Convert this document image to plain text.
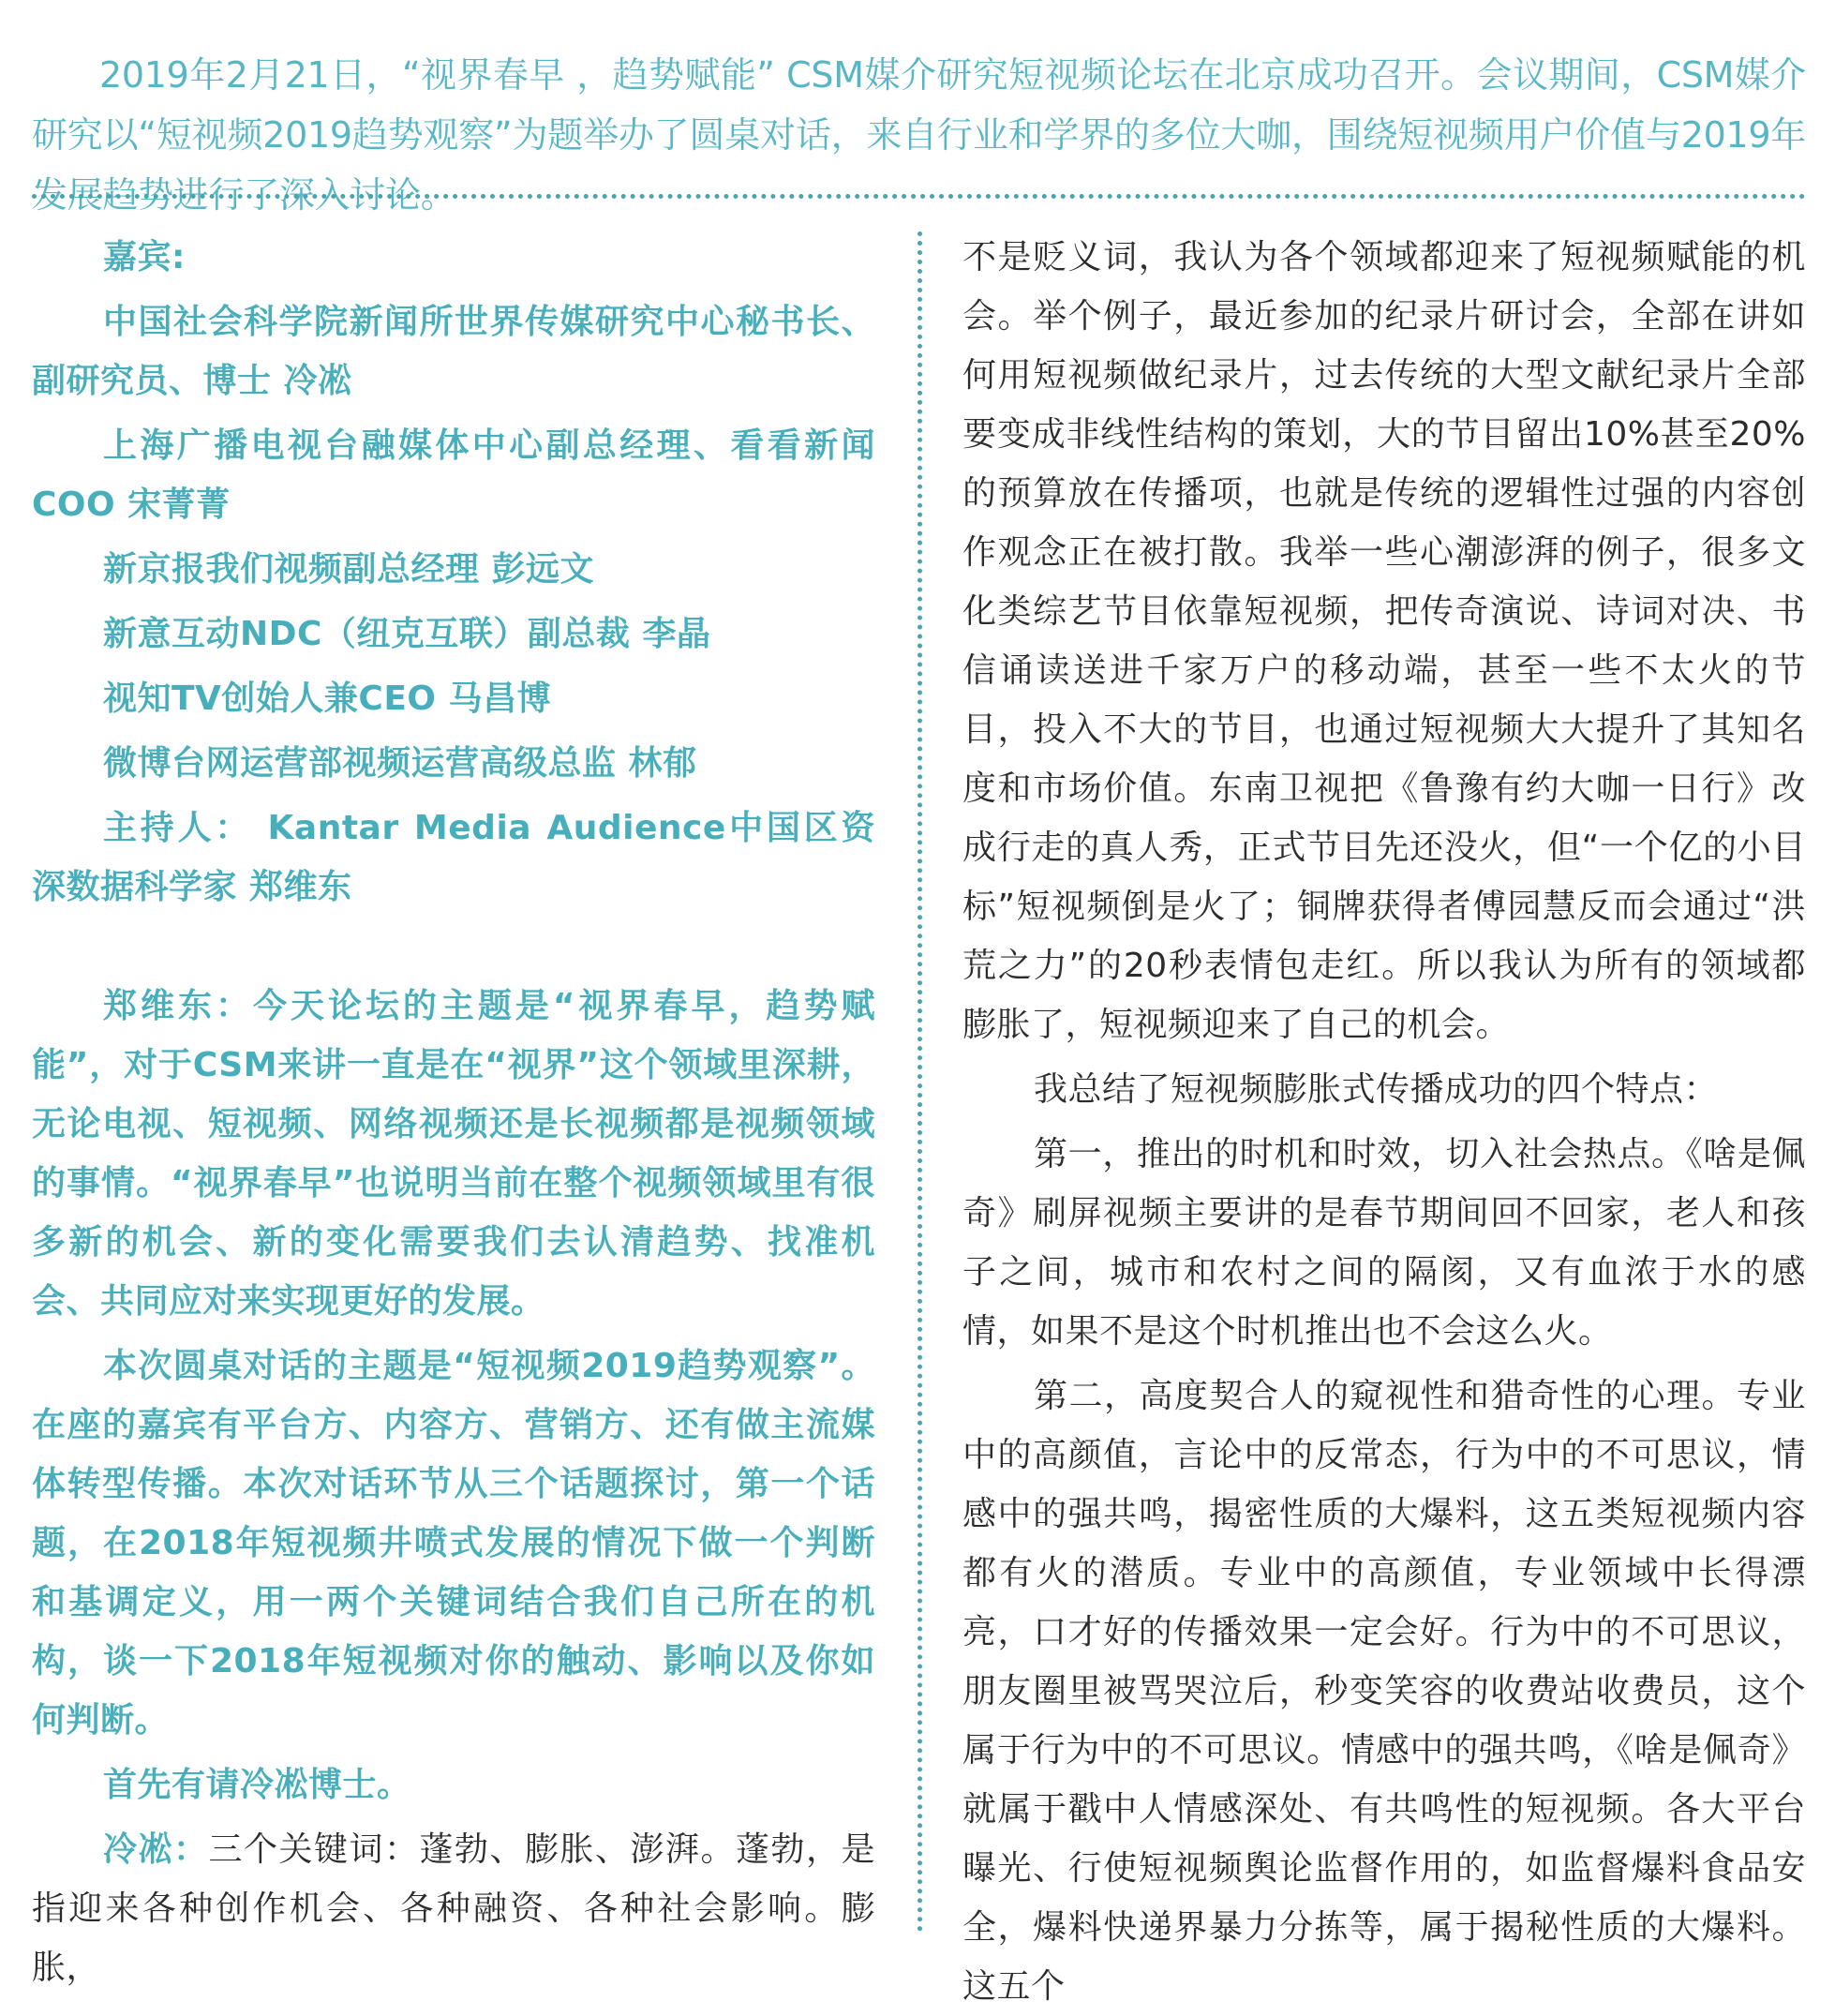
2019年2月21日，“视界春早 ，趋势赋能” CSM媒介研究短视频论坛在北京成功召开。会议期间，CSM媒介研究以“短视频2019趋势观察”为题举办了圆桌对话，来自行业和学界的多位大咖，围绕短视频用户价值与2019年发展趋势进行了深入讨论。

嘉宾:

中国社会科学院新闻所世界传媒研究中心秘书长、副研究员、博士 冷凇

上海广播电视台融媒体中心副总经理、看看新闻COO 宋菁菁

新京报我们视频副总经理 彭远文

新意互动NDC（纽克互联）副总裁 李晶

视知TV创始人兼CEO 马昌博

微博台网运营部视频运营高级总监 林郁

主持人： Kantar Media Audience中国区资深数据科学家 郑维东

郑维东：今天论坛的主题是“视界春早，趋势赋能”，对于CSM来讲一直是在“视界”这个领域里深耕，无论电视、短视频、网络视频还是长视频都是视频领域的事情。“视界春早”也说明当前在整个视频领域里有很多新的机会、新的变化需要我们去认清趋势、找准机会、共同应对来实现更好的发展。

本次圆桌对话的主题是“短视频2019趋势观察”。在座的嘉宾有平台方、内容方、营销方、还有做主流媒体转型传播。本次对话环节从三个话题探讨，第一个话题，在2018年短视频井喷式发展的情况下做一个判断和基调定义，用一两个关键词结合我们自己所在的机构，谈一下2018年短视频对你的触动、影响以及你如何判断。

首先有请冷凇博士。

冷凇：三个关键词：蓬勃、膨胀、澎湃。蓬勃，是指迎来各种创作机会、各种融资、各种社会影响。膨胀，

不是贬义词，我认为各个领域都迎来了短视频赋能的机会。举个例子，最近参加的纪录片研讨会，全部在讲如何用短视频做纪录片，过去传统的大型文献纪录片全部要变成非线性结构的策划，大的节目留出10%甚至20%的预算放在传播项，也就是传统的逻辑性过强的内容创作观念正在被打散。我举一些心潮澎湃的例子，很多文化类综艺节目依靠短视频，把传奇演说、诗词对决、书信诵读送进千家万户的移动端，甚至一些不太火的节目，投入不大的节目，也通过短视频大大提升了其知名度和市场价值。东南卫视把《鲁豫有约大咖一日行》改成行走的真人秀，正式节目先还没火，但“一个亿的小目标”短视频倒是火了；铜牌获得者傅园慧反而会通过“洪荒之力”的20秒表情包走红。所以我认为所有的领域都膨胀了，短视频迎来了自己的机会。

我总结了短视频膨胀式传播成功的四个特点：

第一，推出的时机和时效，切入社会热点。《啥是佩奇》刷屏视频主要讲的是春节期间回不回家，老人和孩子之间，城市和农村之间的隔阂，又有血浓于水的感情，如果不是这个时机推出也不会这么火。

第二，高度契合人的窥视性和猎奇性的心理。专业中的高颜值，言论中的反常态，行为中的不可思议，情感中的强共鸣，揭密性质的大爆料，这五类短视频内容都有火的潜质。专业中的高颜值，专业领域中长得漂亮，口才好的传播效果一定会好。行为中的不可思议，朋友圈里被骂哭泣后，秒变笑容的收费站收费员，这个属于行为中的不可思议。情感中的强共鸣，《啥是佩奇》就属于戳中人情感深处、有共鸣性的短视频。各大平台曝光、行使短视频舆论监督作用的，如监督爆料食品安全，爆料快递界暴力分拣等，属于揭秘性质的大爆料。这五个
